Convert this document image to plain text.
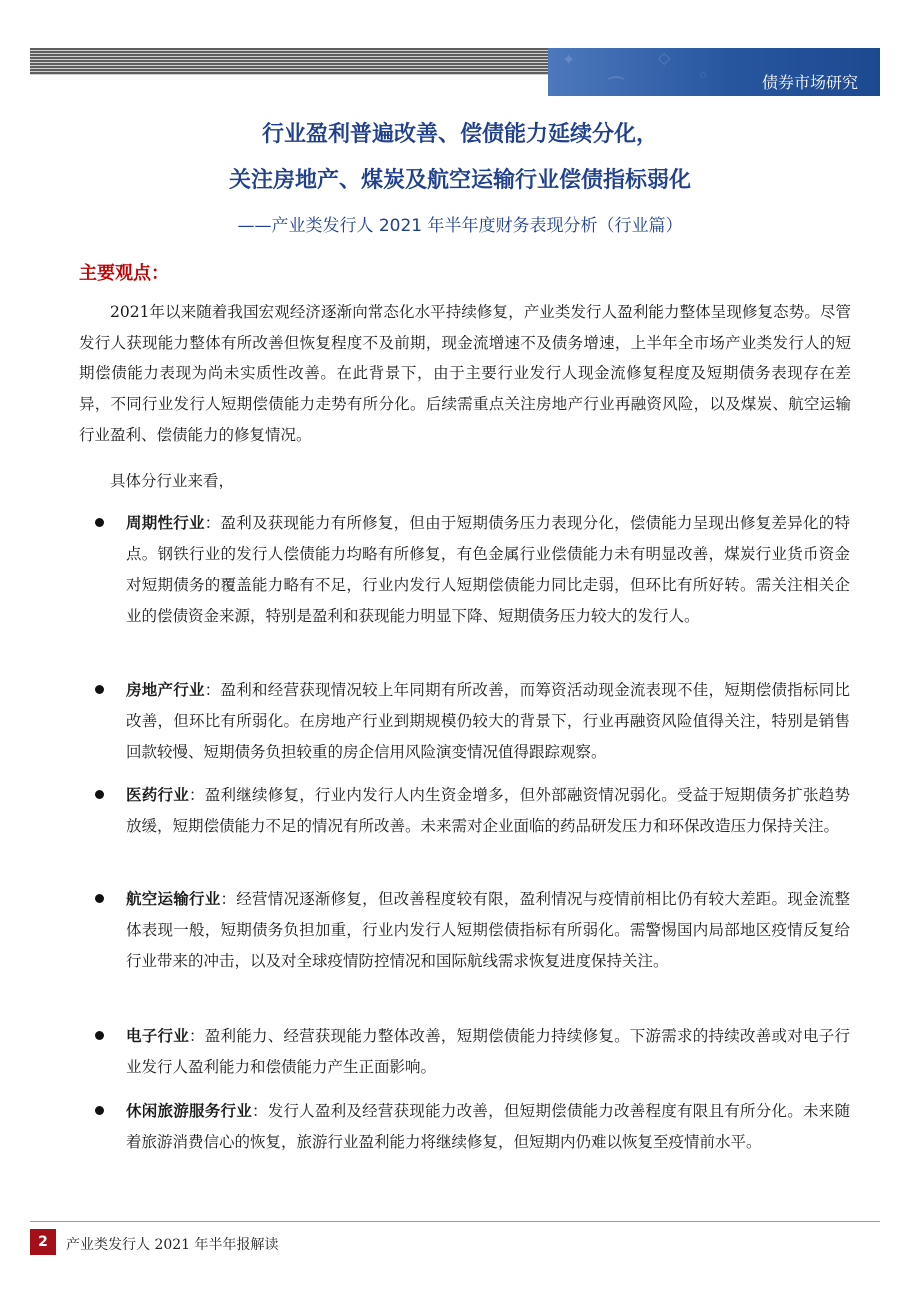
✦	◇
◦
⌒	债券市场研究
行业盈利普遍改善、偿债能力延续分化，
关注房地产、煤炭及航空运输行业偿债指标弱化
——产业类发行人 2021 年半年度财务表现分析（行业篇）
主要观点：

2021年以来随着我国宏观经济逐渐向常态化水平持续修复，产业类发行人盈利能力整体呈现修复态势。尽管发行人获现能力整体有所改善但恢复程度不及前期，现金流增速不及债务增速，上半年全市场产业类发行人的短期偿债能力表现为尚未实质性改善。在此背景下，由于主要行业发行人现金流修复程度及短期债务表现存在差异，不同行业发行人短期偿债能力走势有所分化。后续需重点关注房地产行业再融资风险，以及煤炭、航空运输行业盈利、偿债能力的修复情况。

具体分行业来看，

周期性行业：盈利及获现能力有所修复，但由于短期债务压力表现分化，偿债能力呈现出修复差异化的特点。钢铁行业的发行人偿债能力均略有所修复，有色金属行业偿债能力未有明显改善，煤炭行业货币资金对短期债务的覆盖能力略有不足，行业内发行人短期偿债能力同比走弱，但环比有所好转。需关注相关企业的偿债资金来源，特别是盈利和获现能力明显下降、短期债务压力较大的发行人。

房地产行业：盈利和经营获现情况较上年同期有所改善，而筹资活动现金流表现不佳，短期偿债指标同比改善，但环比有所弱化。在房地产行业到期规模仍较大的背景下，行业再融资风险值得关注，特别是销售回款较慢、短期债务负担较重的房企信用风险演变情况值得跟踪观察。

医药行业：盈利继续修复，行业内发行人内生资金增多，但外部融资情况弱化。受益于短期债务扩张趋势放缓，短期偿债能力不足的情况有所改善。未来需对企业面临的药品研发压力和环保改造压力保持关注。

航空运输行业：经营情况逐渐修复，但改善程度较有限，盈利情况与疫情前相比仍有较大差距。现金流整体表现一般，短期债务负担加重，行业内发行人短期偿债指标有所弱化。需警惕国内局部地区疫情反复给行业带来的冲击，以及对全球疫情防控情况和国际航线需求恢复进度保持关注。

电子行业：盈利能力、经营获现能力整体改善，短期偿债能力持续修复。下游需求的持续改善或对电子行业发行人盈利能力和偿债能力产生正面影响。

休闲旅游服务行业：发行人盈利及经营获现能力改善，但短期偿债能力改善程度有限且有所分化。未来随着旅游消费信心的恢复，旅游行业盈利能力将继续修复，但短期内仍难以恢复至疫情前水平。

2	产业类发行人 2021 年半年报解读
